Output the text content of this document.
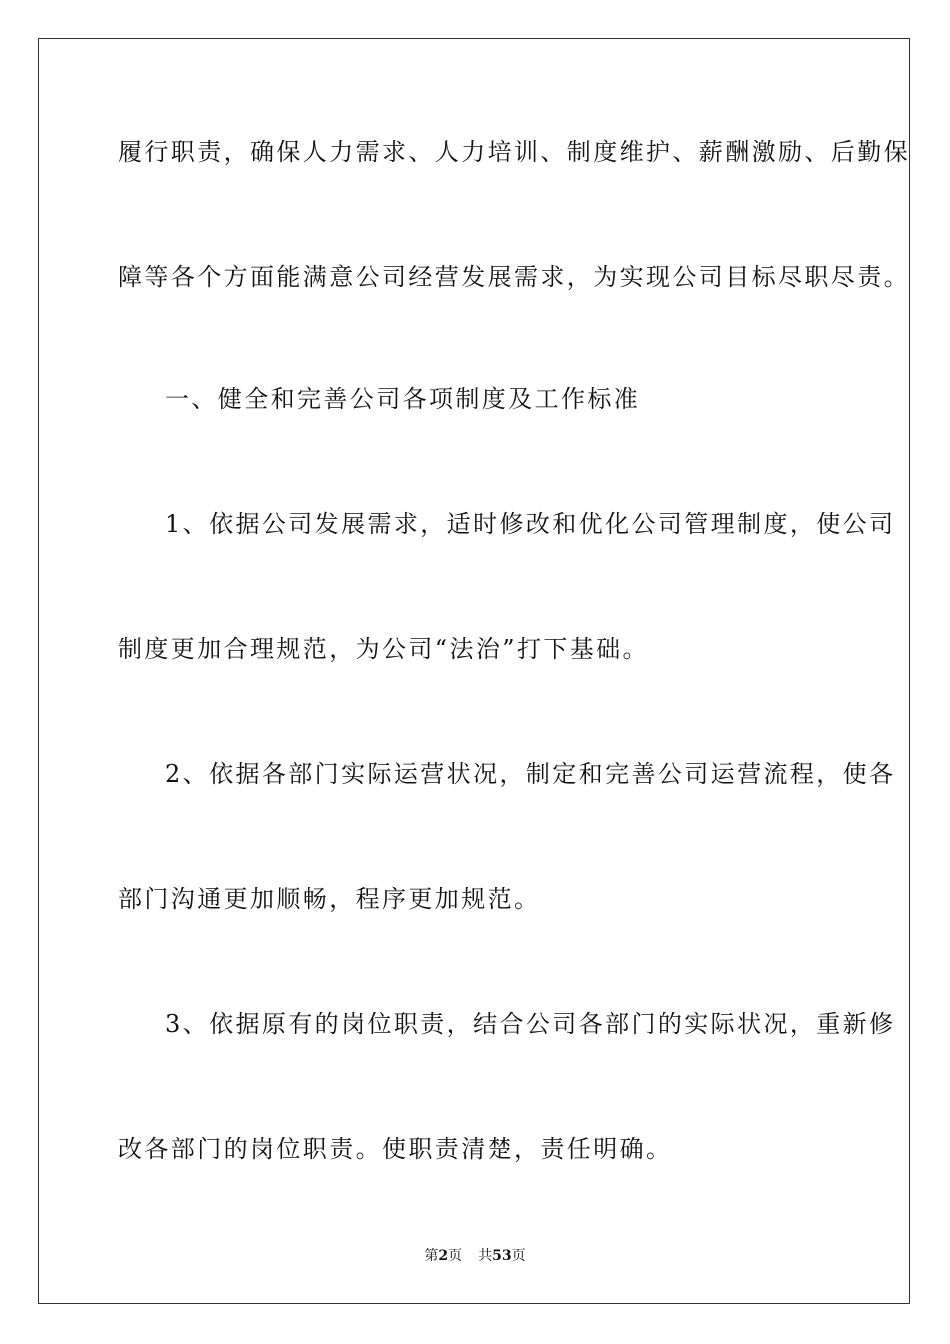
履行职责，确保人力需求、人力培训、制度维护、薪酬激励、后勤保
障等各个方面能满意公司经营发展需求，为实现公司目标尽职尽责。
一、健全和完善公司各项制度及工作标准
1、依据公司发展需求，适时修改和优化公司管理制度，使公司
制度更加合理规范，为公司“法治”打下基础。
2、依据各部门实际运营状况，制定和完善公司运营流程，使各
部门沟通更加顺畅，程序更加规范。
3、依据原有的岗位职责，结合公司各部门的实际状况，重新修
改各部门的岗位职责。使职责清楚，责任明确。
第2页 共53页
